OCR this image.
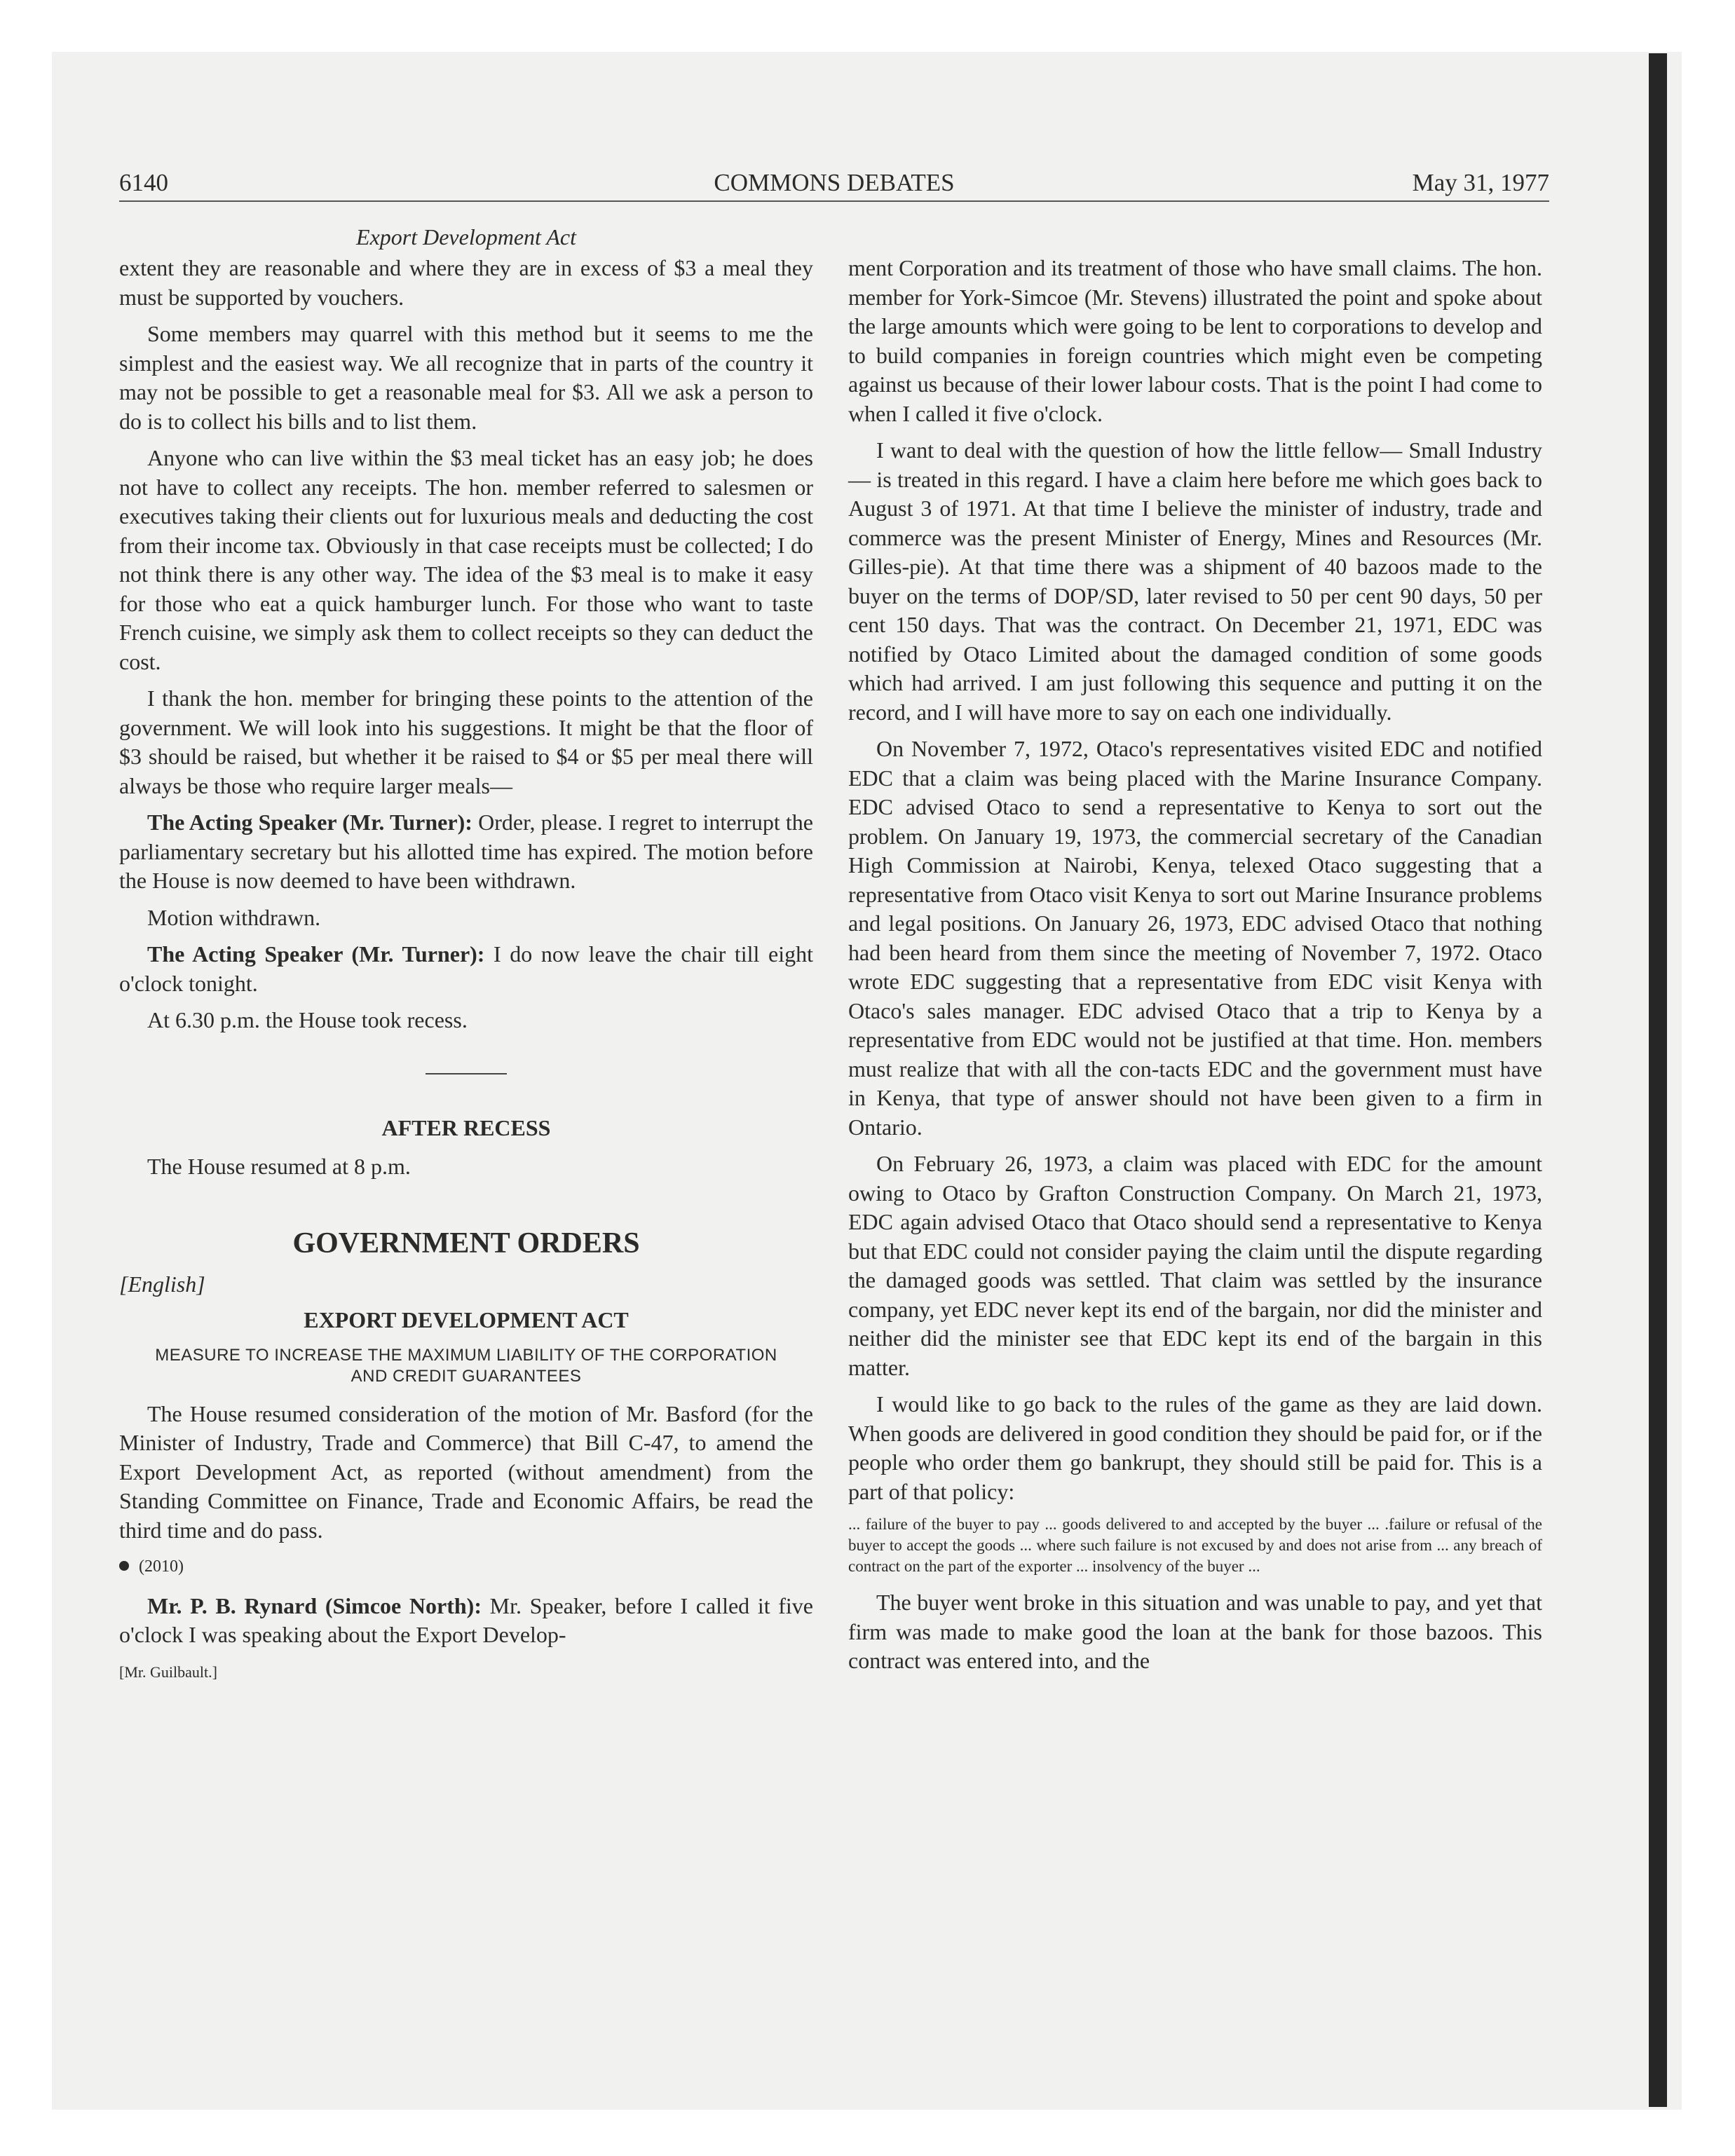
6140	COMMONS DEBATES	May 31, 1977
Export Development Act

extent they are reasonable and where they are in excess of $3 a meal they must be supported by vouchers.

Some members may quarrel with this method but it seems to me the simplest and the easiest way. We all recognize that in parts of the country it may not be possible to get a reasonable meal for $3. All we ask a person to do is to collect his bills and to list them.

Anyone who can live within the $3 meal ticket has an easy job; he does not have to collect any receipts. The hon. member referred to salesmen or executives taking their clients out for luxurious meals and deducting the cost from their income tax. Obviously in that case receipts must be collected; I do not think there is any other way. The idea of the $3 meal is to make it easy for those who eat a quick hamburger lunch. For those who want to taste French cuisine, we simply ask them to collect receipts so they can deduct the cost.

I thank the hon. member for bringing these points to the attention of the government. We will look into his suggestions. It might be that the floor of $3 should be raised, but whether it be raised to $4 or $5 per meal there will always be those who require larger meals—

The Acting Speaker (Mr. Turner): Order, please. I regret to interrupt the parliamentary secretary but his allotted time has expired. The motion before the House is now deemed to have been withdrawn.

Motion withdrawn.

The Acting Speaker (Mr. Turner): I do now leave the chair till eight o'clock tonight.

At 6.30 p.m. the House took recess.

AFTER RECESS

The House resumed at 8 p.m.

GOVERNMENT ORDERS
[English]
EXPORT DEVELOPMENT ACT
MEASURE TO INCREASE THE MAXIMUM LIABILITY OF THE CORPORATION AND CREDIT GUARANTEES

The House resumed consideration of the motion of Mr. Basford (for the Minister of Industry, Trade and Commerce) that Bill C-47, to amend the Export Development Act, as reported (without amendment) from the Standing Committee on Finance, Trade and Economic Affairs, be read the third time and do pass.

(2010)

Mr. P. B. Rynard (Simcoe North): Mr. Speaker, before I called it five o'clock I was speaking about the Export Develop-

[Mr. Guilbault.]

ment Corporation and its treatment of those who have small claims. The hon. member for York-Simcoe (Mr. Stevens) illustrated the point and spoke about the large amounts which were going to be lent to corporations to develop and to build companies in foreign countries which might even be competing against us because of their lower labour costs. That is the point I had come to when I called it five o'clock.

I want to deal with the question of how the little fellow— Small Industry— is treated in this regard. I have a claim here before me which goes back to August 3 of 1971. At that time I believe the minister of industry, trade and commerce was the present Minister of Energy, Mines and Resources (Mr. Gilles-pie). At that time there was a shipment of 40 bazoos made to the buyer on the terms of DOP/SD, later revised to 50 per cent 90 days, 50 per cent 150 days. That was the contract. On December 21, 1971, EDC was notified by Otaco Limited about the damaged condition of some goods which had arrived. I am just following this sequence and putting it on the record, and I will have more to say on each one individually.

On November 7, 1972, Otaco's representatives visited EDC and notified EDC that a claim was being placed with the Marine Insurance Company. EDC advised Otaco to send a representative to Kenya to sort out the problem. On January 19, 1973, the commercial secretary of the Canadian High Commission at Nairobi, Kenya, telexed Otaco suggesting that a representative from Otaco visit Kenya to sort out Marine Insurance problems and legal positions. On January 26, 1973, EDC advised Otaco that nothing had been heard from them since the meeting of November 7, 1972. Otaco wrote EDC suggesting that a representative from EDC visit Kenya with Otaco's sales manager. EDC advised Otaco that a trip to Kenya by a representative from EDC would not be justified at that time. Hon. members must realize that with all the con-tacts EDC and the government must have in Kenya, that type of answer should not have been given to a firm in Ontario.

On February 26, 1973, a claim was placed with EDC for the amount owing to Otaco by Grafton Construction Company. On March 21, 1973, EDC again advised Otaco that Otaco should send a representative to Kenya but that EDC could not consider paying the claim until the dispute regarding the damaged goods was settled. That claim was settled by the insurance company, yet EDC never kept its end of the bargain, nor did the minister and neither did the minister see that EDC kept its end of the bargain in this matter.

I would like to go back to the rules of the game as they are laid down. When goods are delivered in good condition they should be paid for, or if the people who order them go bankrupt, they should still be paid for. This is a part of that policy:

... failure of the buyer to pay ... goods delivered to and accepted by the buyer ... .failure or refusal of the buyer to accept the goods ... where such failure is not excused by and does not arise from ... any breach of contract on the part of the exporter ... insolvency of the buyer ...

The buyer went broke in this situation and was unable to pay, and yet that firm was made to make good the loan at the bank for those bazoos. This contract was entered into, and the
